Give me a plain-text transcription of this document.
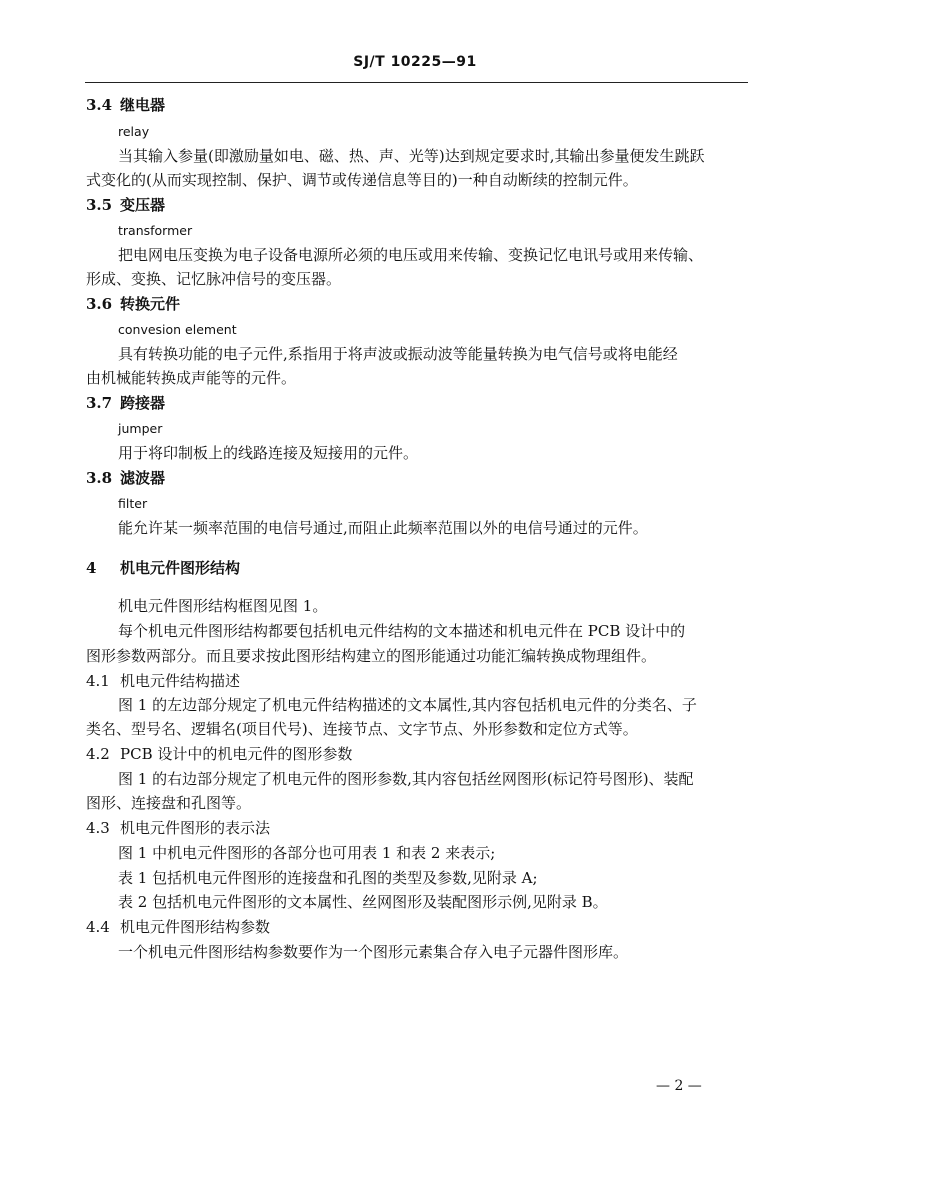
SJ/T 10225—91
3.4 继电器
relay
当其输入参量(即激励量如电、磁、热、声、光等)达到规定要求时,其输出参量便发生跳跃
式变化的(从而实现控制、保护、调节或传递信息等目的)一种自动断续的控制元件。
3.5 变压器
transformer
把电网电压变换为电子设备电源所必须的电压或用来传输、变换记忆电讯号或用来传输、
形成、变换、记忆脉冲信号的变压器。
3.6 转换元件
convesion element
具有转换功能的电子元件,系指用于将声波或振动波等能量转换为电气信号或将电能经
由机械能转换成声能等的元件。
3.7 跨接器
jumper
用于将印制板上的线路连接及短接用的元件。
3.8 滤波器
filter
能允许某一频率范围的电信号通过,而阻止此频率范围以外的电信号通过的元件。
4 机电元件图形结构
机电元件图形结构框图见图 1。
每个机电元件图形结构都要包括机电元件结构的文本描述和机电元件在 PCB 设计中的
图形参数两部分。而且要求按此图形结构建立的图形能通过功能汇编转换成物理组件。
4.1 机电元件结构描述
图 1 的左边部分规定了机电元件结构描述的文本属性,其内容包括机电元件的分类名、子
类名、型号名、逻辑名(项目代号)、连接节点、文字节点、外形参数和定位方式等。
4.2 PCB 设计中的机电元件的图形参数
图 1 的右边部分规定了机电元件的图形参数,其内容包括丝网图形(标记符号图形)、装配
图形、连接盘和孔图等。
4.3 机电元件图形的表示法
图 1 中机电元件图形的各部分也可用表 1 和表 2 来表示;
表 1 包括机电元件图形的连接盘和孔图的类型及参数,见附录 A;
表 2 包括机电元件图形的文本属性、丝网图形及装配图形示例,见附录 B。
4.4 机电元件图形结构参数
一个机电元件图形结构参数要作为一个图形元素集合存入电子元器件图形库。
— 2 —
